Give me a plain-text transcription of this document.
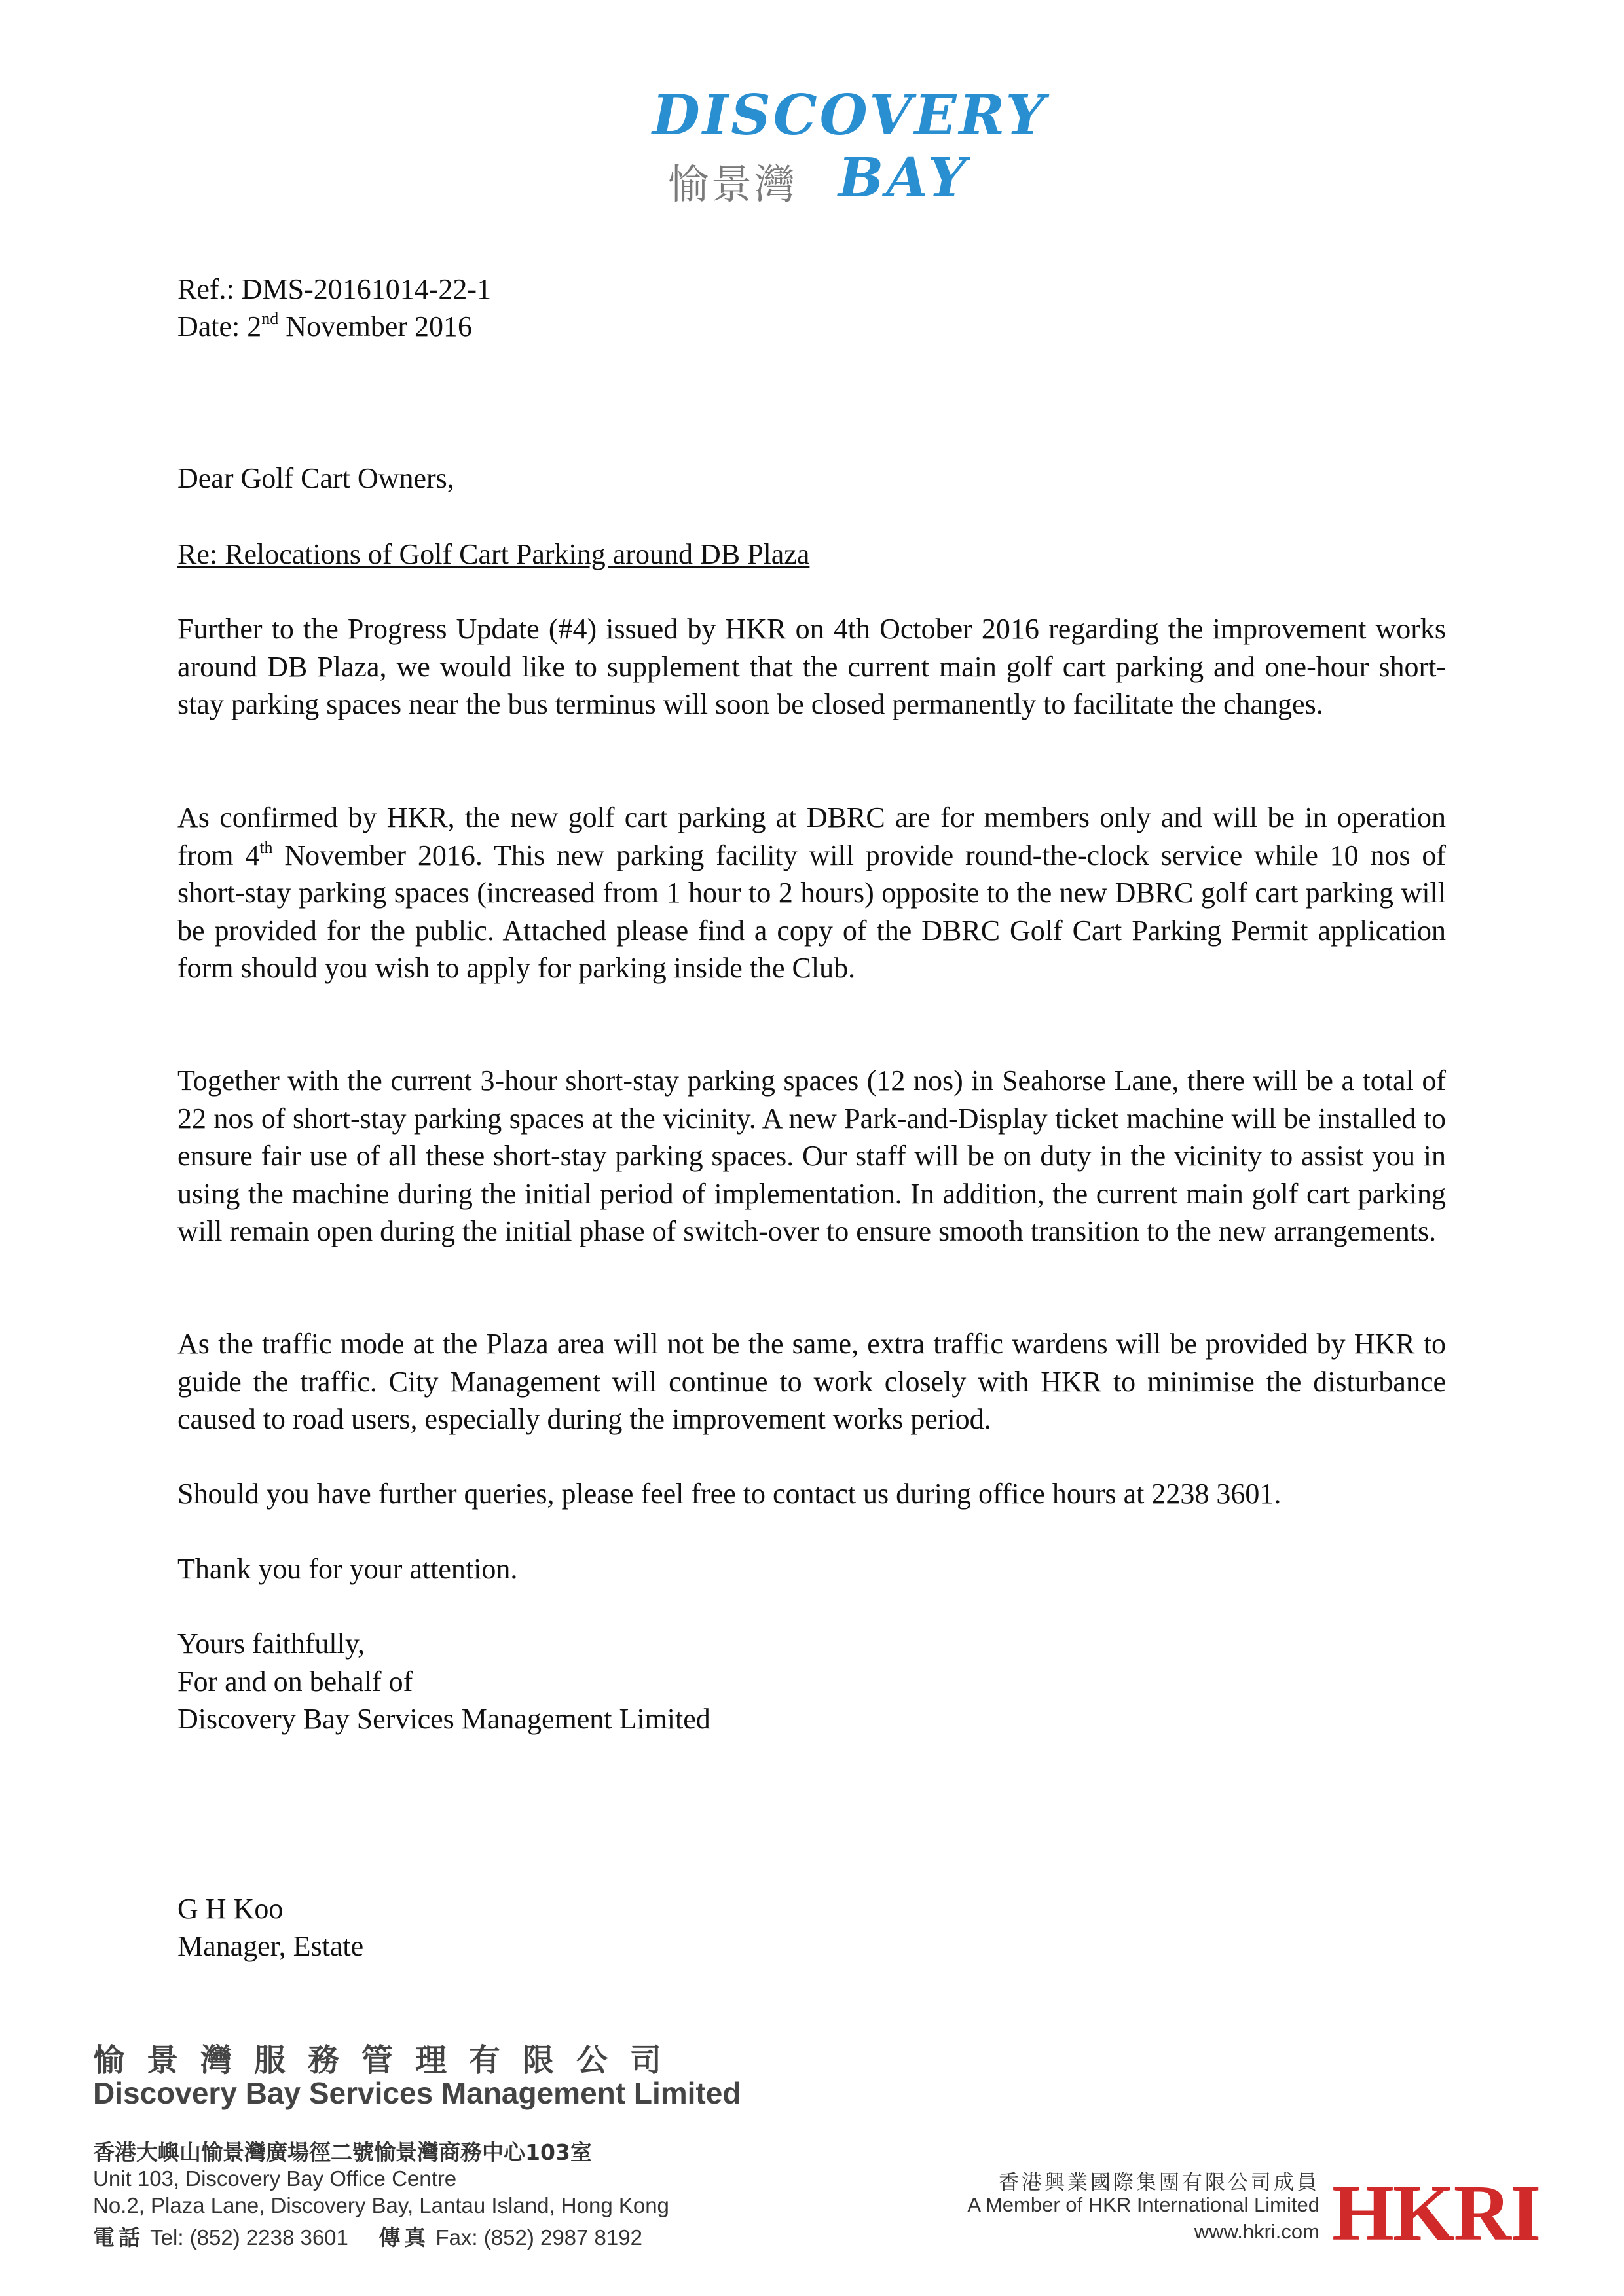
DISCOVERY
愉景灣 BAY
Ref.: DMS-20161014-22-1
Date: 2nd November 2016
Dear Golf Cart Owners,
Re: Relocations of Golf Cart Parking around DB Plaza

Further to the Progress Update (#4) issued by HKR on 4th October 2016 regarding the improvement works around DB Plaza, we would like to supplement that the current main golf cart parking and one-hour short-stay parking spaces near the bus terminus will soon be closed permanently to facilitate the changes.

As confirmed by HKR, the new golf cart parking at DBRC are for members only and will be in operation from 4th November 2016. This new parking facility will provide round-the-clock service while 10 nos of short-stay parking spaces (increased from 1 hour to 2 hours) opposite to the new DBRC golf cart parking will be provided for the public. Attached please find a copy of the DBRC Golf Cart Parking Permit application form should you wish to apply for parking inside the Club.

Together with the current 3-hour short-stay parking spaces (12 nos) in Seahorse Lane, there will be a total of 22 nos of short-stay parking spaces at the vicinity. A new Park-and-Display ticket machine will be installed to ensure fair use of all these short-stay parking spaces. Our staff will be on duty in the vicinity to assist you in using the machine during the initial period of implementation. In addition, the current main golf cart parking will remain open during the initial phase of switch-over to ensure smooth transition to the new arrangements.

As the traffic mode at the Plaza area will not be the same, extra traffic wardens will be provided by HKR to guide the traffic. City Management will continue to work closely with HKR to minimise the disturbance caused to road users, especially during the improvement works period.

Should you have further queries, please feel free to contact us during office hours at 2238 3601.

Thank you for your attention.

Yours faithfully,
For and on behalf of
Discovery Bay Services Management Limited
G H Koo
Manager, Estate
愉景灣服務管理有限公司
Discovery Bay Services Management Limited
香港大嶼山愉景灣廣場徑二號愉景灣商務中心103室
Unit 103, Discovery Bay Office Centre
No.2, Plaza Lane, Discovery Bay, Lantau Island, Hong Kong
電話 Tel: (852) 2238 3601 傳真 Fax: (852) 2987 8192
香港興業國際集團有限公司成員
A Member of HKR International Limited
www.hkri.com HKRI
